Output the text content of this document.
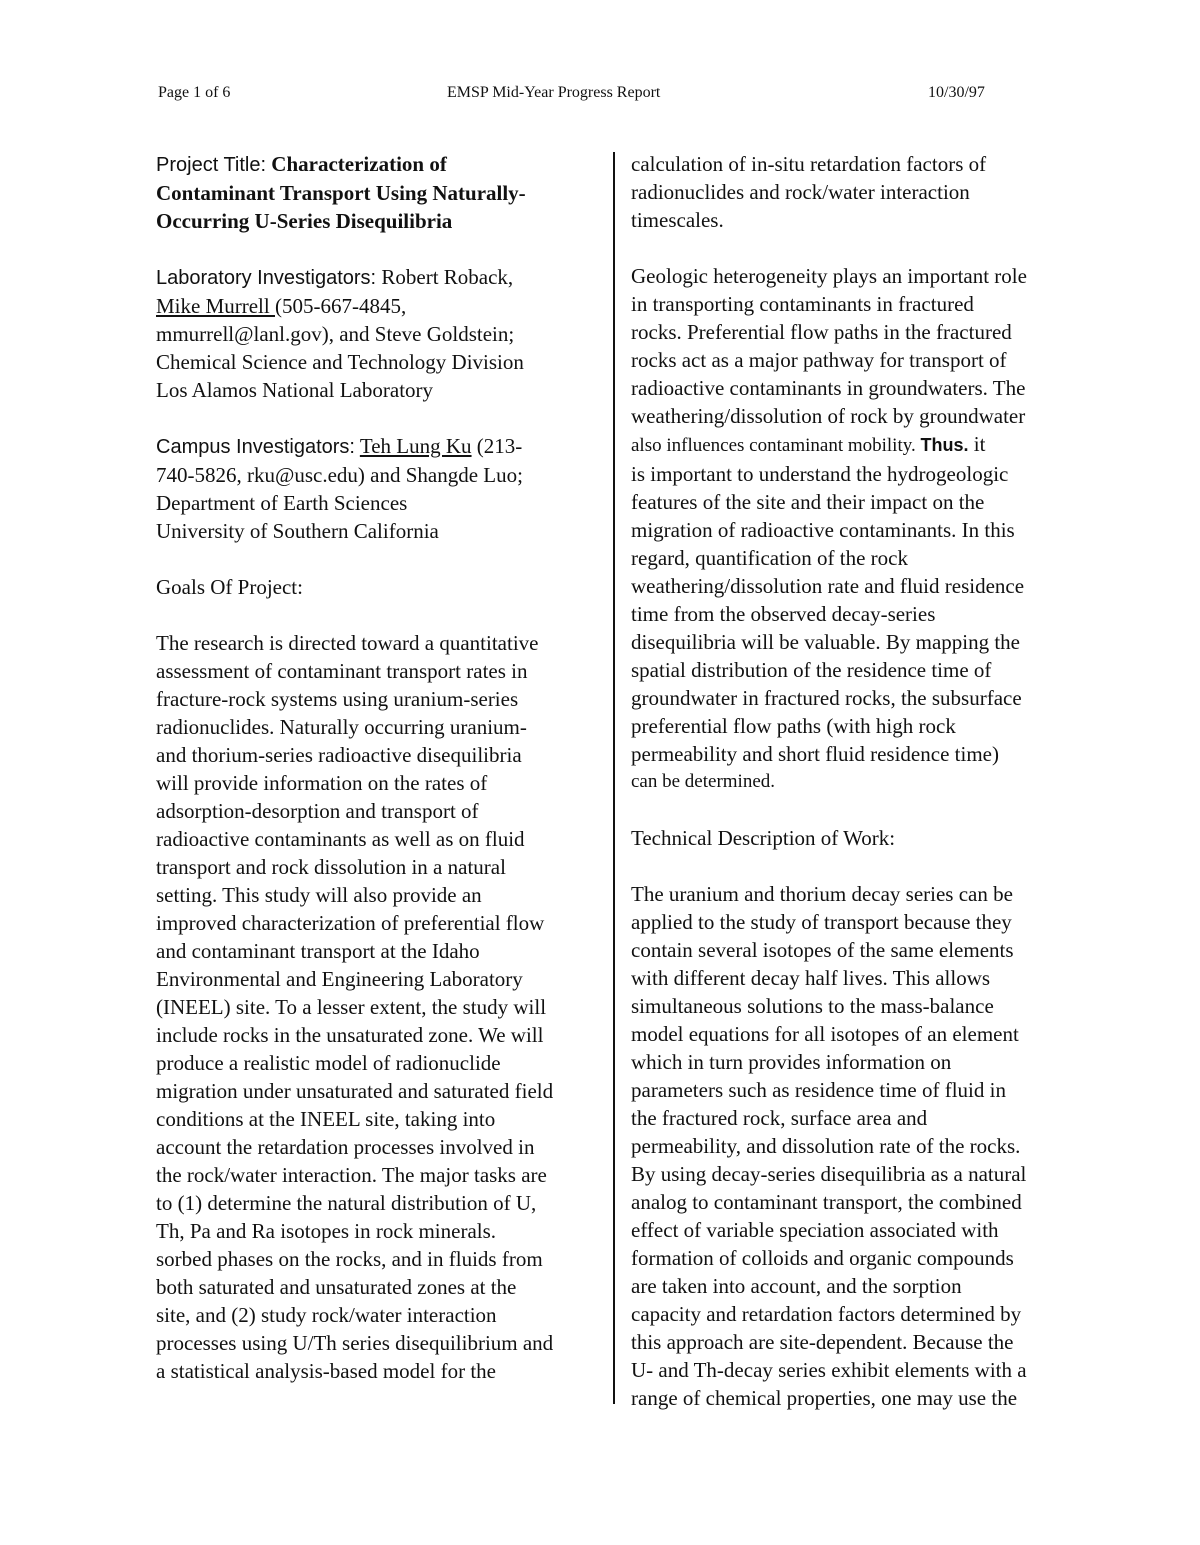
Page 1 of 6	EMSP Mid-Year Progress Report	10/30/97
Project Title: Characterization of
Contaminant Transport Using Naturally-
Occurring U-Series Disequilibria
Laboratory Investigators: Robert Roback,
Mike Murrell (505-667-4845,
mmurrell@lanl.gov), and Steve Goldstein;
Chemical Science and Technology Division
Los Alamos National Laboratory
Campus Investigators: Teh Lung Ku (213-
740-5826, rku@usc.edu) and Shangde Luo;
Department of Earth Sciences
University of Southern California
Goals Of Project:
The research is directed toward a quantitative
assessment of contaminant transport rates in
fracture-rock systems using uranium-series
radionuclides. Naturally occurring uranium-
and thorium-series radioactive disequilibria
will provide information on the rates of
adsorption-desorption and transport of
radioactive contaminants as well as on fluid
transport and rock dissolution in a natural
setting. This study will also provide an
improved characterization of preferential flow
and contaminant transport at the Idaho
Environmental and Engineering Laboratory
(INEEL) site. To a lesser extent, the study will
include rocks in the unsaturated zone. We will
produce a realistic model of radionuclide
migration under unsaturated and saturated field
conditions at the INEEL site, taking into
account the retardation processes involved in
the rock/water interaction. The major tasks are
to (1) determine the natural distribution of U,
Th, Pa and Ra isotopes in rock minerals.
sorbed phases on the rocks, and in fluids from
both saturated and unsaturated zones at the
site, and (2) study rock/water interaction
processes using U/Th series disequilibrium and
a statistical analysis-based model for the
calculation of in-situ retardation factors of
radionuclides and rock/water interaction
timescales.
Geologic heterogeneity plays an important role
in transporting contaminants in fractured
rocks. Preferential flow paths in the fractured
rocks act as a major pathway for transport of
radioactive contaminants in groundwaters. The
weathering/dissolution of rock by groundwater
also influences contaminant mobility. Thus. it
is important to understand the hydrogeologic
features of the site and their impact on the
migration of radioactive contaminants. In this
regard, quantification of the rock
weathering/dissolution rate and fluid residence
time from the observed decay-series
disequilibria will be valuable. By mapping the
spatial distribution of the residence time of
groundwater in fractured rocks, the subsurface
preferential flow paths (with high rock
permeability and short fluid residence time)
can be determined.
Technical Description of Work:
The uranium and thorium decay series can be
applied to the study of transport because they
contain several isotopes of the same elements
with different decay half lives. This allows
simultaneous solutions to the mass-balance
model equations for all isotopes of an element
which in turn provides information on
parameters such as residence time of fluid in
the fractured rock, surface area and
permeability, and dissolution rate of the rocks.
By using decay-series disequilibria as a natural
analog to contaminant transport, the combined
effect of variable speciation associated with
formation of colloids and organic compounds
are taken into account, and the sorption
capacity and retardation factors determined by
this approach are site-dependent. Because the
U- and Th-decay series exhibit elements with a
range of chemical properties, one may use the
